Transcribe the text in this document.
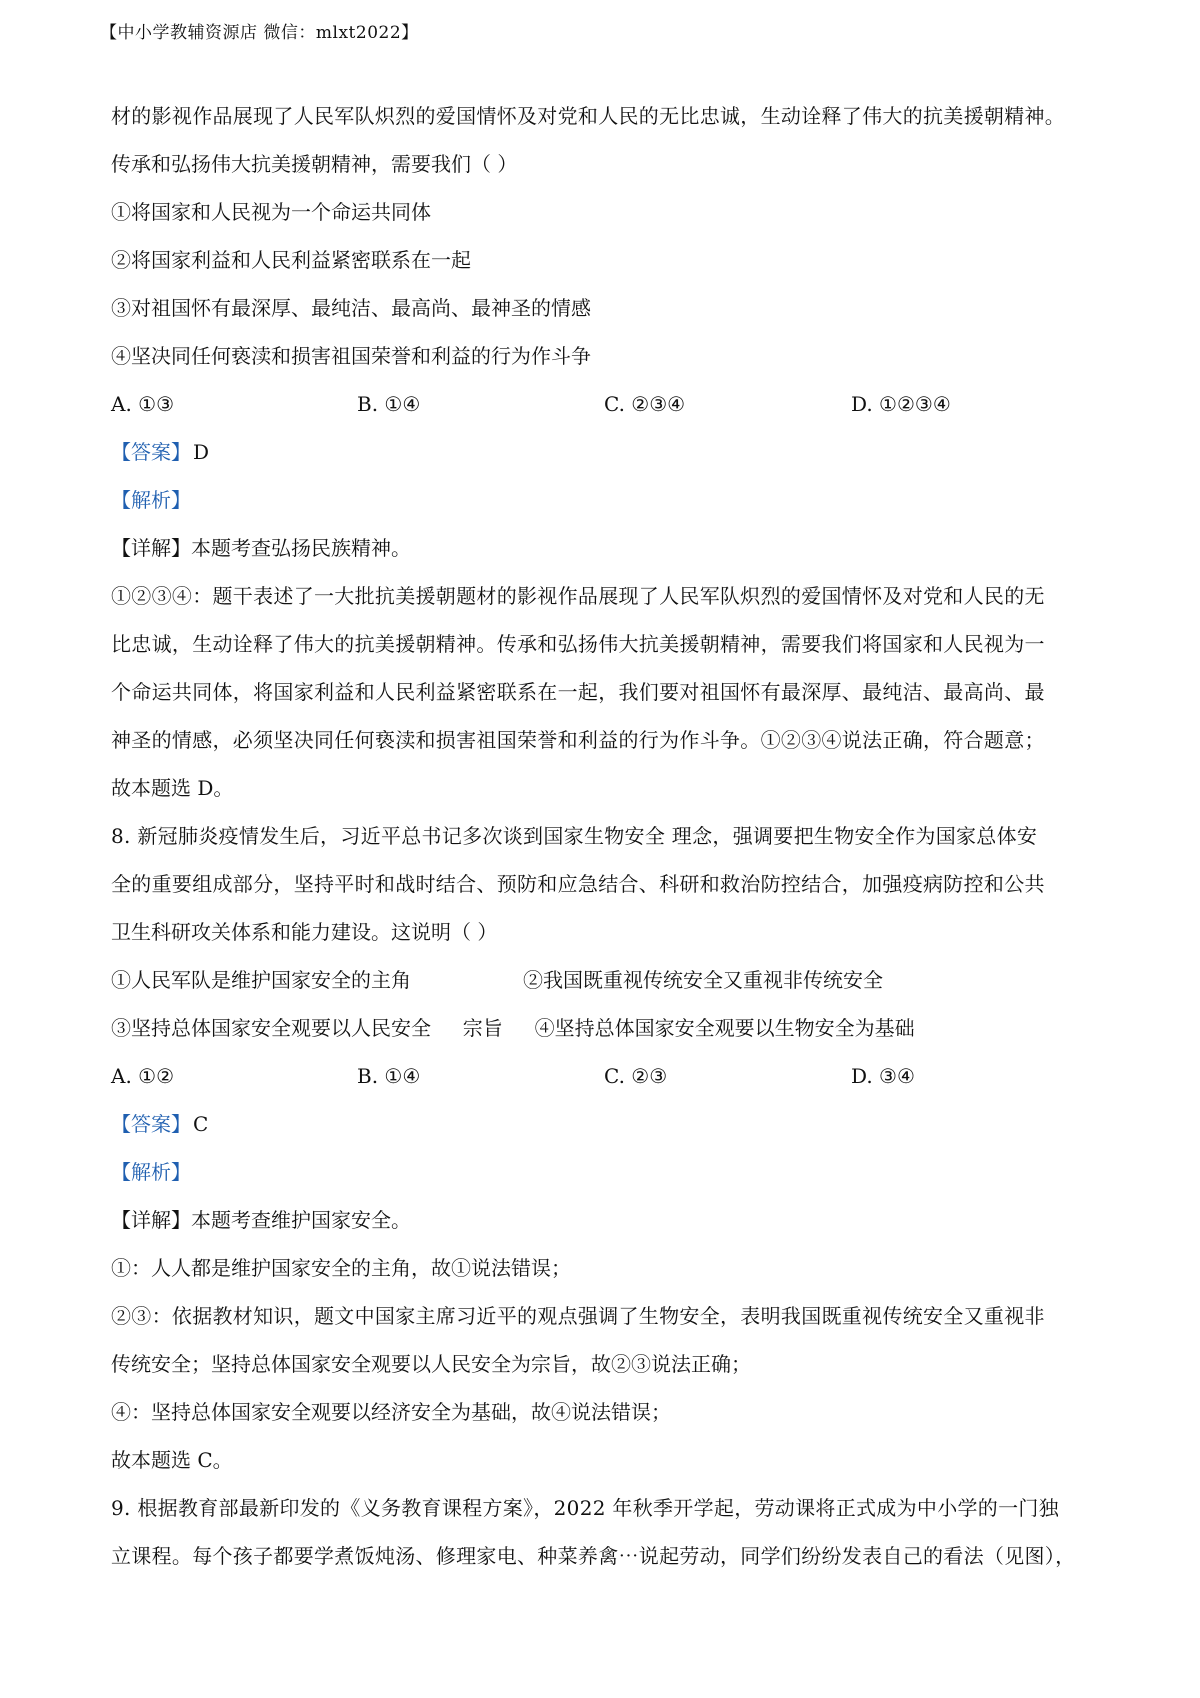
【中小学教辅资源店 微信：mlxt2022】
材的影视作品展现了人民军队炽烈的爱国情怀及对党和人民的无比忠诚，生动诠释了伟大的抗美援朝精神。
传承和弘扬伟大抗美援朝精神，需要我们（ ）
①将国家和人民视为一个命运共同体
②将国家利益和人民利益紧密联系在一起
③对祖国怀有最深厚、最纯洁、最高尚、最神圣的情感
④坚决同任何亵渎和损害祖国荣誉和利益的行为作斗争
A. ①③	B. ①④	C. ②③④	D. ①②③④
【答案】 D
【解析】
【详解】本题考查弘扬民族精神。
①②③④：题干表述了一大批抗美援朝题材的影视作品展现了人民军队炽烈的爱国情怀及对党和人民的无
比忠诚，生动诠释了伟大的抗美援朝精神。传承和弘扬伟大抗美援朝精神，需要我们将国家和人民视为一
个命运共同体，将国家利益和人民利益紧密联系在一起，我们要对祖国怀有最深厚、最纯洁、最高尚、最
神圣的情感，必须坚决同任何亵渎和损害祖国荣誉和利益的行为作斗争。①②③④说法正确，符合题意；
故本题选 D。
8. 新冠肺炎疫情发生后，习近平总书记多次谈到国家生物安全 理念，强调要把生物安全作为国家总体安
全的重要组成部分，坚持平时和战时结合、预防和应急结合、科研和救治防控结合，加强疫病防控和公共
卫生科研攻关体系和能力建设。这说明（ ）
①人民军队是维护国家安全的主角	②我国既重视传统安全又重视非传统安全
③坚持总体国家安全观要以人民安全     宗旨     ④坚持总体国家安全观要以生物安全为基础
A. ①②	B. ①④	C. ②③	D. ③④
【答案】 C
【解析】
【详解】本题考查维护国家安全。
①：人人都是维护国家安全的主角，故①说法错误；
②③：依据教材知识，题文中国家主席习近平的观点强调了生物安全，表明我国既重视传统安全又重视非
传统安全；坚持总体国家安全观要以人民安全为宗旨，故②③说法正确；
④：坚持总体国家安全观要以经济安全为基础，故④说法错误；
故本题选 C。
9. 根据教育部最新印发的《义务教育课程方案》，2022 年秋季开学起，劳动课将正式成为中小学的一门独
立课程。每个孩子都要学煮饭炖汤、修理家电、种菜养禽⋯说起劳动，同学们纷纷发表自己的看法（见图），
